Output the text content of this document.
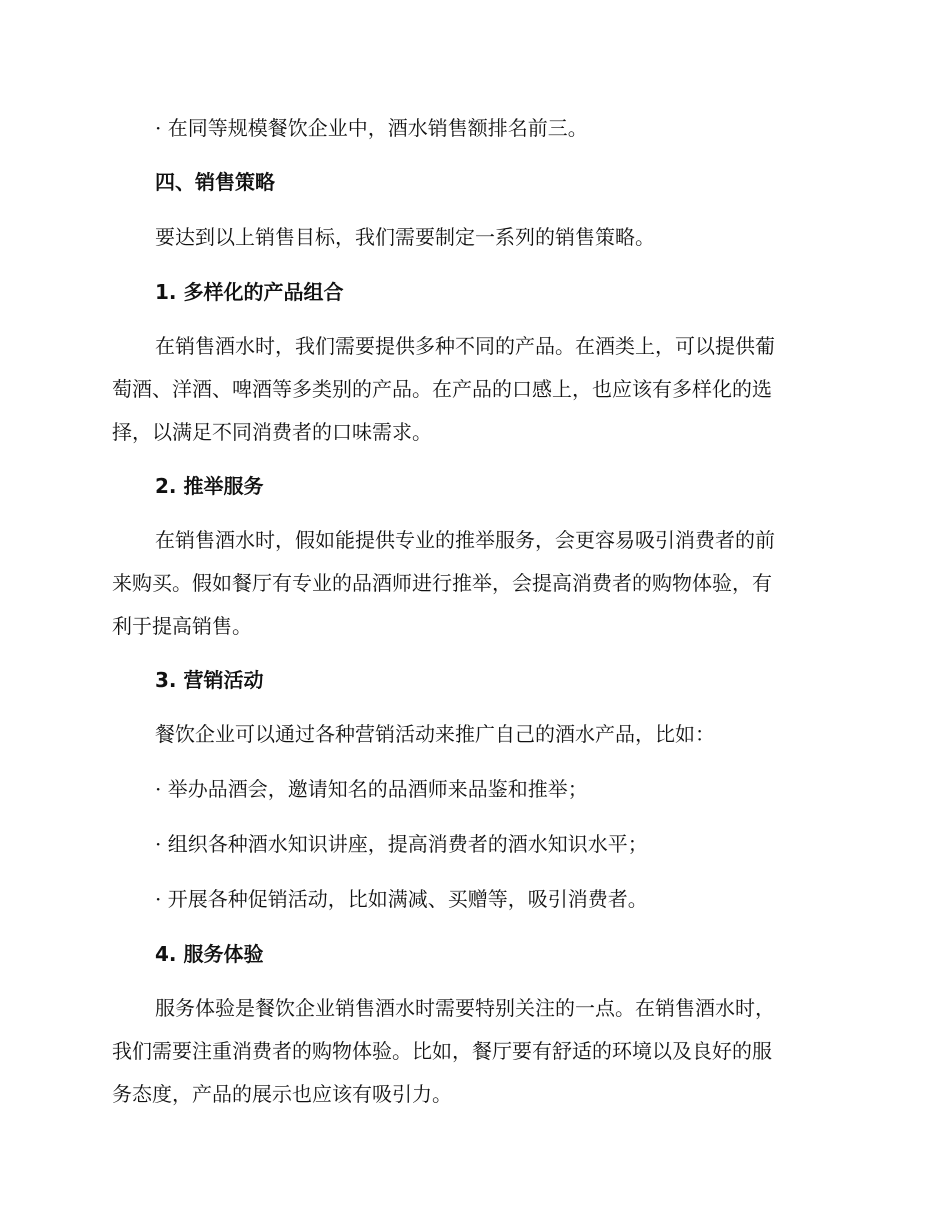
· 在同等规模餐饮企业中，酒水销售额排名前三。
四、销售策略
要达到以上销售目标，我们需要制定一系列的销售策略。
1. 多样化的产品组合
在销售酒水时，我们需要提供多种不同的产品。在酒类上，可以提供葡
萄酒、洋酒、啤酒等多类别的产品。在产品的口感上，也应该有多样化的选
择，以满足不同消费者的口味需求。
2. 推举服务
在销售酒水时，假如能提供专业的推举服务，会更容易吸引消费者的前
来购买。假如餐厅有专业的品酒师进行推举，会提高消费者的购物体验，有
利于提高销售。
3. 营销活动
餐饮企业可以通过各种营销活动来推广自己的酒水产品，比如：
· 举办品酒会，邀请知名的品酒师来品鉴和推举；
· 组织各种酒水知识讲座，提高消费者的酒水知识水平；
· 开展各种促销活动，比如满减、买赠等，吸引消费者。
4. 服务体验
服务体验是餐饮企业销售酒水时需要特别关注的一点。在销售酒水时，
我们需要注重消费者的购物体验。比如，餐厅要有舒适的环境以及良好的服
务态度，产品的展示也应该有吸引力。
